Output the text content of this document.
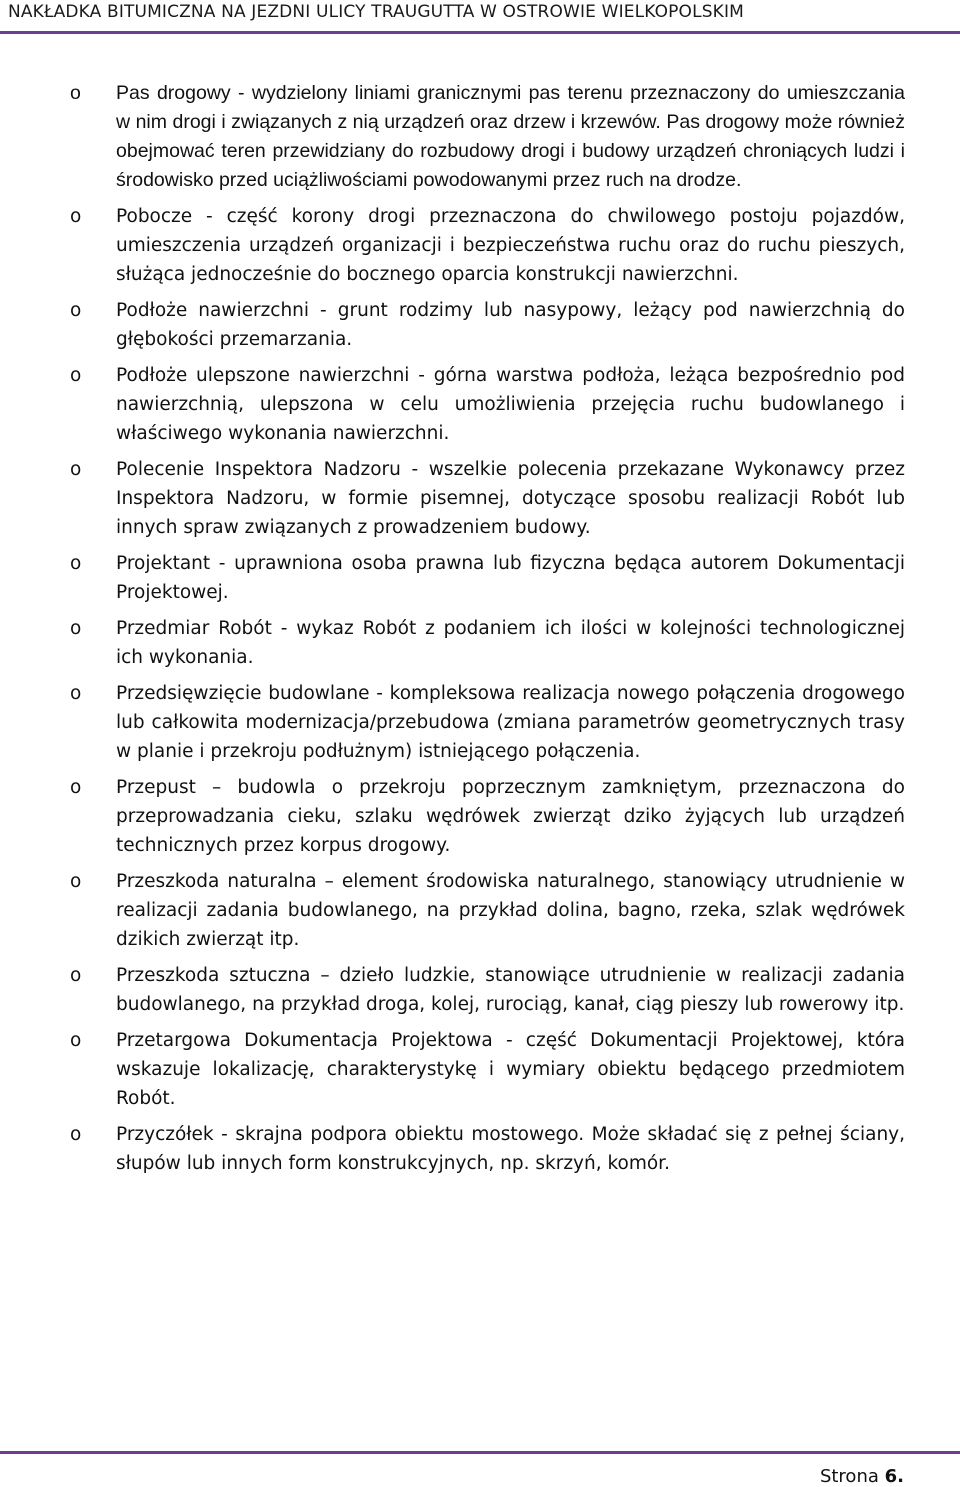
NAKŁADKA BITUMICZNA NA JEZDNI ULICY TRAUGUTTA W OSTROWIE WIELKOPOLSKIM
o Pas drogowy - wydzielony liniami granicznymi pas terenu przeznaczony do umieszczania w nim drogi i związanych z nią urządzeń oraz drzew i krzewów. Pas drogowy może również obejmować teren przewidziany do rozbudowy drogi i budowy urządzeń chroniących ludzi i środowisko przed uciążliwościami powodowanymi przez ruch na drodze.
o Pobocze - część korony drogi przeznaczona do chwilowego postoju pojazdów, umieszczenia urządzeń organizacji i bezpieczeństwa ruchu oraz do ruchu pieszych, służąca jednocześnie do bocznego oparcia konstrukcji nawierzchni.
o Podłoże nawierzchni - grunt rodzimy lub nasypowy, leżący pod nawierzchnią do głębokości przemarzania.
o Podłoże ulepszone nawierzchni - górna warstwa podłoża, leżąca bezpośrednio pod nawierzchnią, ulepszona w celu umożliwienia przejęcia ruchu budowlanego i właściwego wykonania nawierzchni.
o Polecenie Inspektora Nadzoru - wszelkie polecenia przekazane Wykonawcy przez Inspektora Nadzoru, w formie pisemnej, dotyczące sposobu realizacji Robót lub innych spraw związanych z prowadzeniem budowy.
o Projektant - uprawniona osoba prawna lub fizyczna będąca autorem Dokumentacji Projektowej.
o Przedmiar Robót - wykaz Robót z podaniem ich ilości w kolejności technologicznej ich wykonania.
o Przedsięwzięcie budowlane - kompleksowa realizacja nowego połączenia drogowego lub całkowita modernizacja/przebudowa (zmiana parametrów geometrycznych trasy w planie i przekroju podłużnym) istniejącego połączenia.
o Przepust – budowla o przekroju poprzecznym zamkniętym, przeznaczona do przeprowadzania cieku, szlaku wędrówek zwierząt dziko żyjących lub urządzeń technicznych przez korpus drogowy.
o Przeszkoda naturalna – element środowiska naturalnego, stanowiący utrudnienie w realizacji zadania budowlanego, na przykład dolina, bagno, rzeka, szlak wędrówek dzikich zwierząt itp.
o Przeszkoda sztuczna – dzieło ludzkie, stanowiące utrudnienie w realizacji zadania budowlanego, na przykład droga, kolej, rurociąg, kanał, ciąg pieszy lub rowerowy itp.
o Przetargowa Dokumentacja Projektowa - część Dokumentacji Projektowej, która wskazuje lokalizację, charakterystykę i wymiary obiektu będącego przedmiotem Robót.
o Przyczółek - skrajna podpora obiektu mostowego. Może składać się z pełnej ściany, słupów lub innych form konstrukcyjnych, np. skrzyń, komór.
Strona 6.
